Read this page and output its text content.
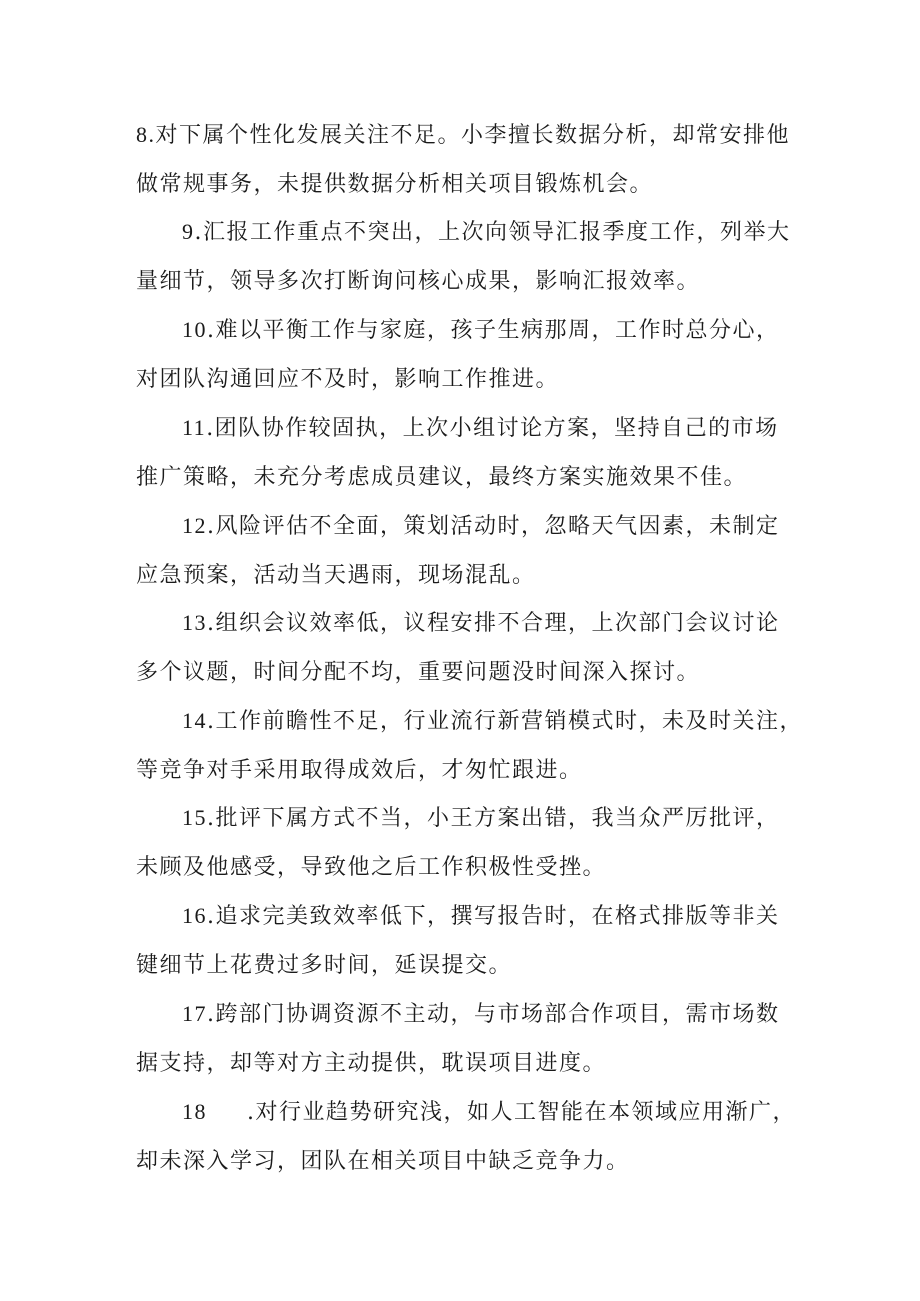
8.对下属个性化发展关注不足。小李擅长数据分析，却常安排他
做常规事务，未提供数据分析相关项目锻炼机会。

9.汇报工作重点不突出，上次向领导汇报季度工作，列举大
量细节，领导多次打断询问核心成果，影响汇报效率。

10.难以平衡工作与家庭，孩子生病那周，工作时总分心，
对团队沟通回应不及时，影响工作推进。

11.团队协作较固执，上次小组讨论方案，坚持自己的市场
推广策略，未充分考虑成员建议，最终方案实施效果不佳。

12.风险评估不全面，策划活动时，忽略天气因素，未制定
应急预案，活动当天遇雨，现场混乱。

13.组织会议效率低，议程安排不合理，上次部门会议讨论
多个议题，时间分配不均，重要问题没时间深入探讨。

14.工作前瞻性不足，行业流行新营销模式时，未及时关注，
等竞争对手采用取得成效后，才匆忙跟进。

15.批评下属方式不当，小王方案出错，我当众严厉批评，
未顾及他感受，导致他之后工作积极性受挫。

16.追求完美致效率低下，撰写报告时，在格式排版等非关
键细节上花费过多时间，延误提交。

17.跨部门协调资源不主动，与市场部合作项目，需市场数
据支持，却等对方主动提供，耽误项目进度。

18 .对行业趋势研究浅，如人工智能在本领域应用渐广，
却未深入学习，团队在相关项目中缺乏竞争力。
